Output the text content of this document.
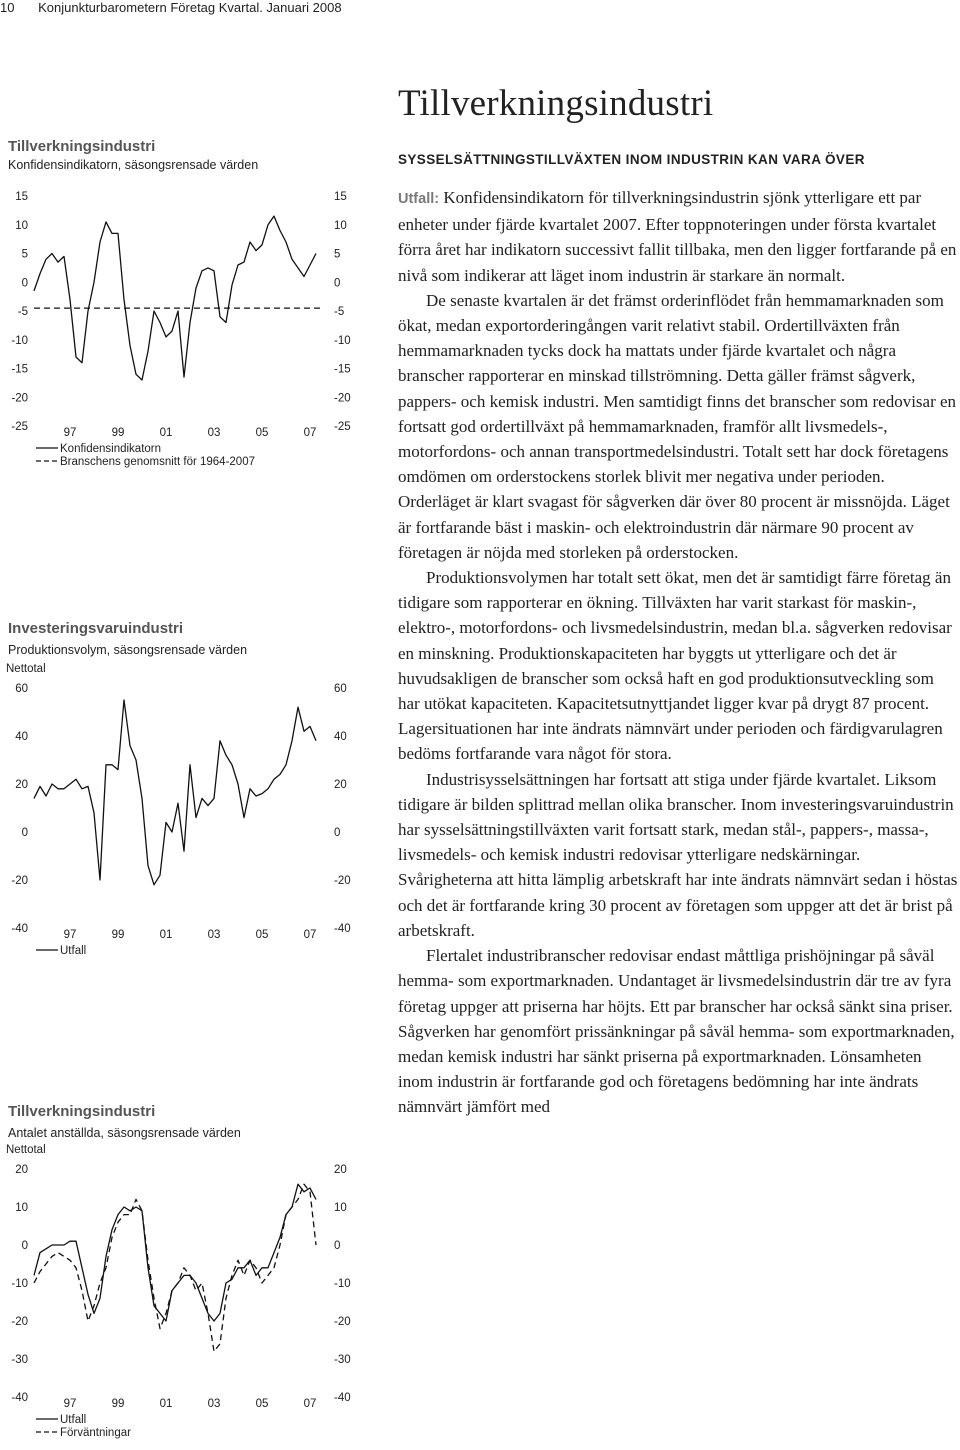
10 Konjunkturbarometern Företag Kvartal. Januari 2008
Tillverkningsindustri
Konfidensindikatorn, säsongsrensade värden
15	15
10	10
5	5
0	0
-5	-5
-10	-10
-15	-15
-20	-20
-25	-25
97	99	01	03	05	07
Konfidensindikatorn
Branschens genomsnitt för 1964-2007
Investeringsvaruindustri
Produktionsvolym, säsongsrensade värden
Nettotal
60	60
40	40
20	20
0	0
-20	-20
-40	-40
97	99	01	03	05	07
Utfall
Tillverkningsindustri
Antalet anställda, säsongsrensade värden
Nettotal
20	20
10	10
0	0
-10	-10
-20	-20
-30	-30
-40	-40
97	99	01	03	05	07
Utfall
Förväntningar
Tillverkningsindustri
SYSSELSÄTTNINGSTILLVÄXTEN INOM INDUSTRIN KAN VARA ÖVER

Utfall: Konfidensindikatorn för tillverkningsindustrin sjönk ytterligare ett par enheter under fjärde kvartalet 2007. Efter toppnoteringen under första kvartalet förra året har indikatorn successivt fallit tillbaka, men den ligger fortfarande på en nivå som indikerar att läget inom industrin är starkare än normalt.

De senaste kvartalen är det främst orderinflödet från hemmamarknaden som ökat, medan exportorderingången varit relativt stabil. Ordertillväxten från hemmamarknaden tycks dock ha mattats under fjärde kvartalet och några branscher rapporterar en minskad tillströmning. Detta gäller främst sågverk, pappers- och kemisk industri. Men samtidigt finns det branscher som redovisar en fortsatt god ordertillväxt på hemmamarknaden, framför allt livsmedels-, motorfordons- och annan transportmedelsindustri. Totalt sett har dock företagens omdömen om orderstockens storlek blivit mer negativa under perioden. Orderläget är klart svagast för sågverken där över 80 procent är missnöjda. Läget är fortfarande bäst i maskin- och elektroindustrin där närmare 90 procent av företagen är nöjda med storleken på orderstocken.

Produktionsvolymen har totalt sett ökat, men det är samtidigt färre företag än tidigare som rapporterar en ökning. Tillväxten har varit starkast för maskin-, elektro-, motorfordons- och livsmedelsindustrin, medan bl.a. sågverken redovisar en minskning. Produktionskapaciteten har byggts ut ytterligare och det är huvudsakligen de branscher som också haft en god produktionsutveckling som har utökat kapaciteten. Kapacitetsutnyttjandet ligger kvar på drygt 87 procent. Lagersituationen har inte ändrats nämnvärt under perioden och färdigvarulagren bedöms fortfarande vara något för stora.

Industrisysselsättningen har fortsatt att stiga under fjärde kvartalet. Liksom tidigare är bilden splittrad mellan olika branscher. Inom investeringsvaruindustrin har sysselsättningstillväxten varit fortsatt stark, medan stål-, pappers-, massa-, livsmedels- och kemisk industri redovisar ytterligare nedskärningar. Svårigheterna att hitta lämplig arbetskraft har inte ändrats nämnvärt sedan i höstas och det är fortfarande kring 30 procent av företagen som uppger att det är brist på arbetskraft.

Flertalet industribranscher redovisar endast måttliga prishöjningar på såväl hemma- som exportmarknaden. Undantaget är livsmedelsindustrin där tre av fyra företag uppger att priserna har höjts. Ett par branscher har också sänkt sina priser. Sågverken har genomfört prissänkningar på såväl hemma- som exportmarknaden, medan kemisk industri har sänkt priserna på exportmarknaden. Lönsamheten inom industrin är fortfarande god och företagens bedömning har inte ändrats nämnvärt jämfört med
